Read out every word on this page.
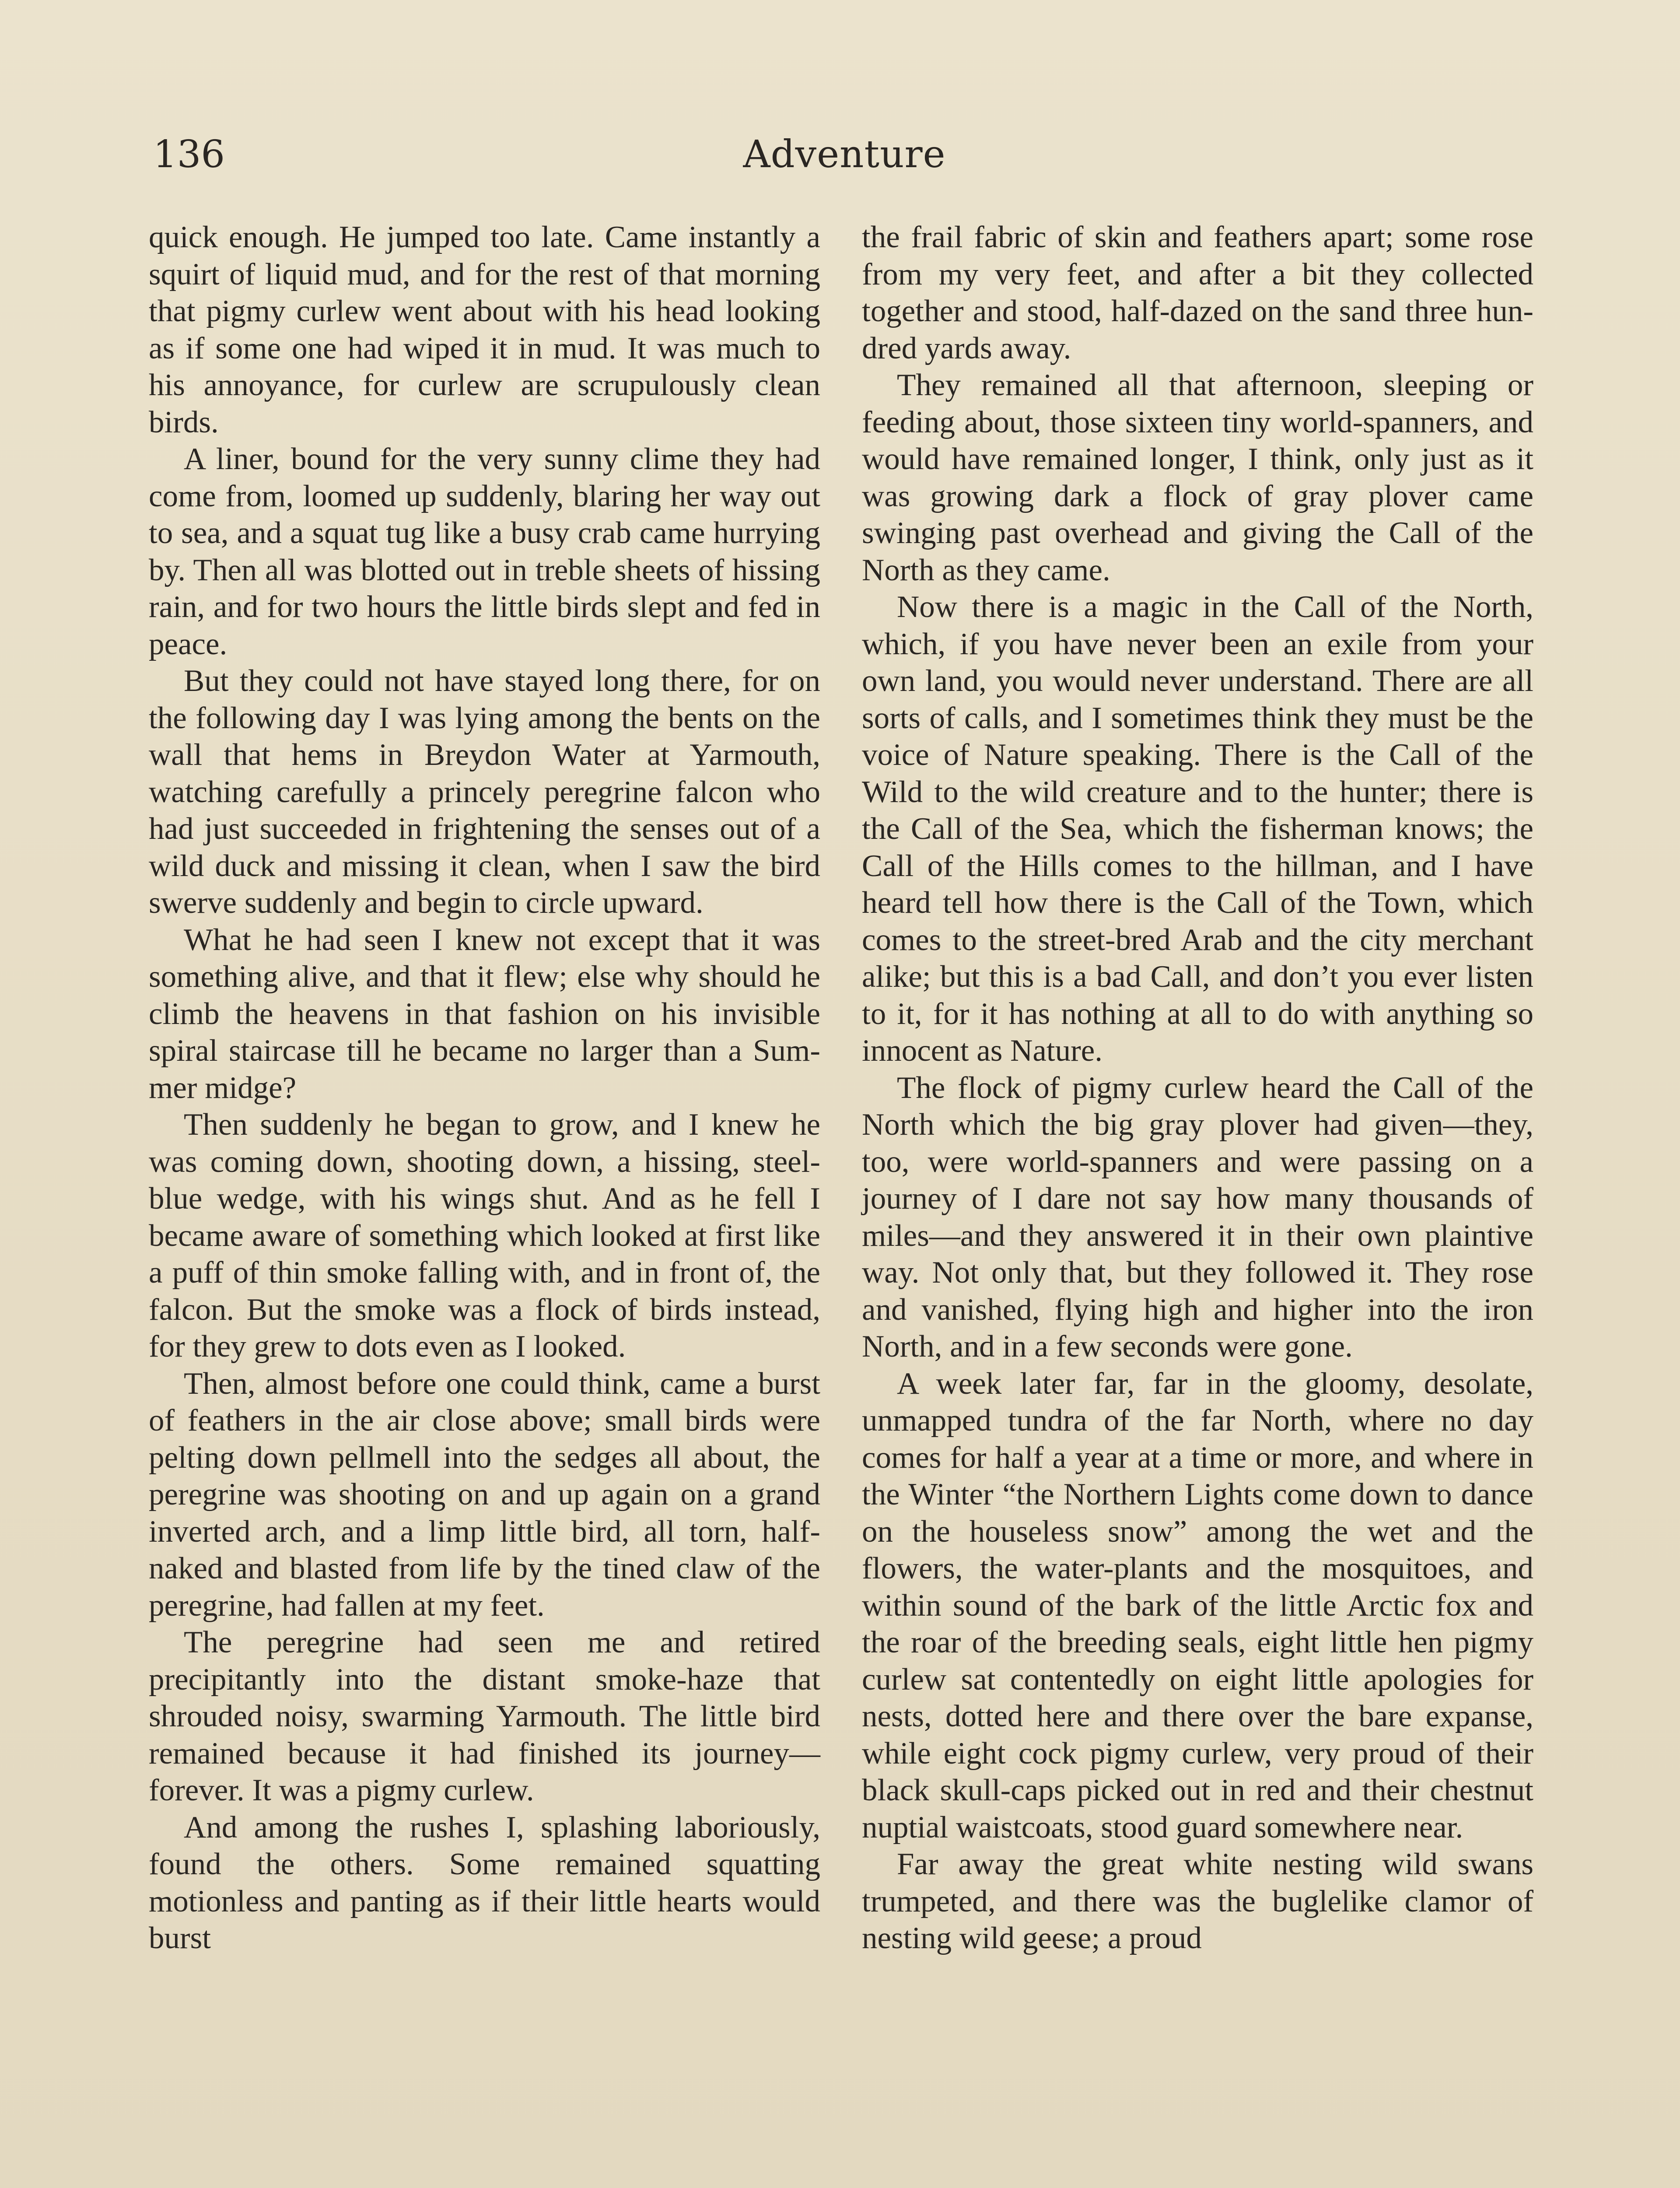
136	Adventure

quick enough. He jumped too late. Came instantly a squirt of liquid mud, and for the rest of that morning that pigmy curlew went about with his head looking as if some one had wiped it in mud. It was much to his annoyance, for curlew are scrupulously clean birds.

A liner, bound for the very sunny clime they had come from, loomed up suddenly, blaring her way out to sea, and a squat tug like a busy crab came hurrying by. Then all was blotted out in treble sheets of hissing rain, and for two hours the little birds slept and fed in peace.

But they could not have stayed long there, for on the following day I was lying among the bents on the wall that hems in Breydon Water at Yarmouth, watching carefully a princely peregrine falcon who had just succeeded in frightening the senses out of a wild duck and missing it clean, when I saw the bird swerve suddenly and begin to circle upward.

What he had seen I knew not except that it was something alive, and that it flew; else why should he climb the heavens in that fashion on his invisible spiral staircase till he became no larger than a Summer midge?

Then suddenly he began to grow, and I knew he was coming down, shooting down, a hissing, steel-blue wedge, with his wings shut. And as he fell I became aware of something which looked at first like a puff of thin smoke falling with, and in front of, the falcon. But the smoke was a flock of birds instead, for they grew to dots even as I looked.

Then, almost before one could think, came a burst of feathers in the air close above; small birds were pelting down pellmell into the sedges all about, the peregrine was shooting on and up again on a grand inverted arch, and a limp little bird, all torn, half-naked and blasted from life by the tined claw of the peregrine, had fallen at my feet.

The peregrine had seen me and retired precipitantly into the distant smoke-haze that shrouded noisy, swarming Yarmouth. The little bird remained because it had finished its journey—forever. It was a pigmy curlew.

And among the rushes I, splashing laboriously, found the others. Some remained squatting motionless and panting as if their little hearts would burst

the frail fabric of skin and feathers apart; some rose from my very feet, and after a bit they collected together and stood, half-dazed on the sand three hundred yards away.

They remained all that afternoon, sleeping or feeding about, those sixteen tiny world-spanners, and would have remained longer, I think, only just as it was growing dark a flock of gray plover came swinging past overhead and giving the Call of the North as they came.

Now there is a magic in the Call of the North, which, if you have never been an exile from your own land, you would never understand. There are all sorts of calls, and I sometimes think they must be the voice of Nature speaking. There is the Call of the Wild to the wild creature and to the hunter; there is the Call of the Sea, which the fisherman knows; the Call of the Hills comes to the hillman, and I have heard tell how there is the Call of the Town, which comes to the street-bred Arab and the city merchant alike; but this is a bad Call, and don’t you ever listen to it, for it has nothing at all to do with anything so innocent as Nature.

The flock of pigmy curlew heard the Call of the North which the big gray plover had given—they, too, were world-spanners and were passing on a journey of I dare not say how many thousands of miles—and they answered it in their own plaintive way. Not only that, but they followed it. They rose and vanished, flying high and higher into the iron North, and in a few seconds were gone.

A week later far, far in the gloomy, desolate, unmapped tundra of the far North, where no day comes for half a year at a time or more, and where in the Winter “the Northern Lights come down to dance on the houseless snow” among the wet and the flowers, the water-plants and the mosquitoes, and within sound of the bark of the little Arctic fox and the roar of the breeding seals, eight little hen pigmy curlew sat contentedly on eight little apologies for nests, dotted here and there over the bare expanse, while eight cock pigmy curlew, very proud of their black skull-caps picked out in red and their chestnut nuptial waistcoats, stood guard somewhere near.

Far away the great white nesting wild swans trumpeted, and there was the buglelike clamor of nesting wild geese; a proud
